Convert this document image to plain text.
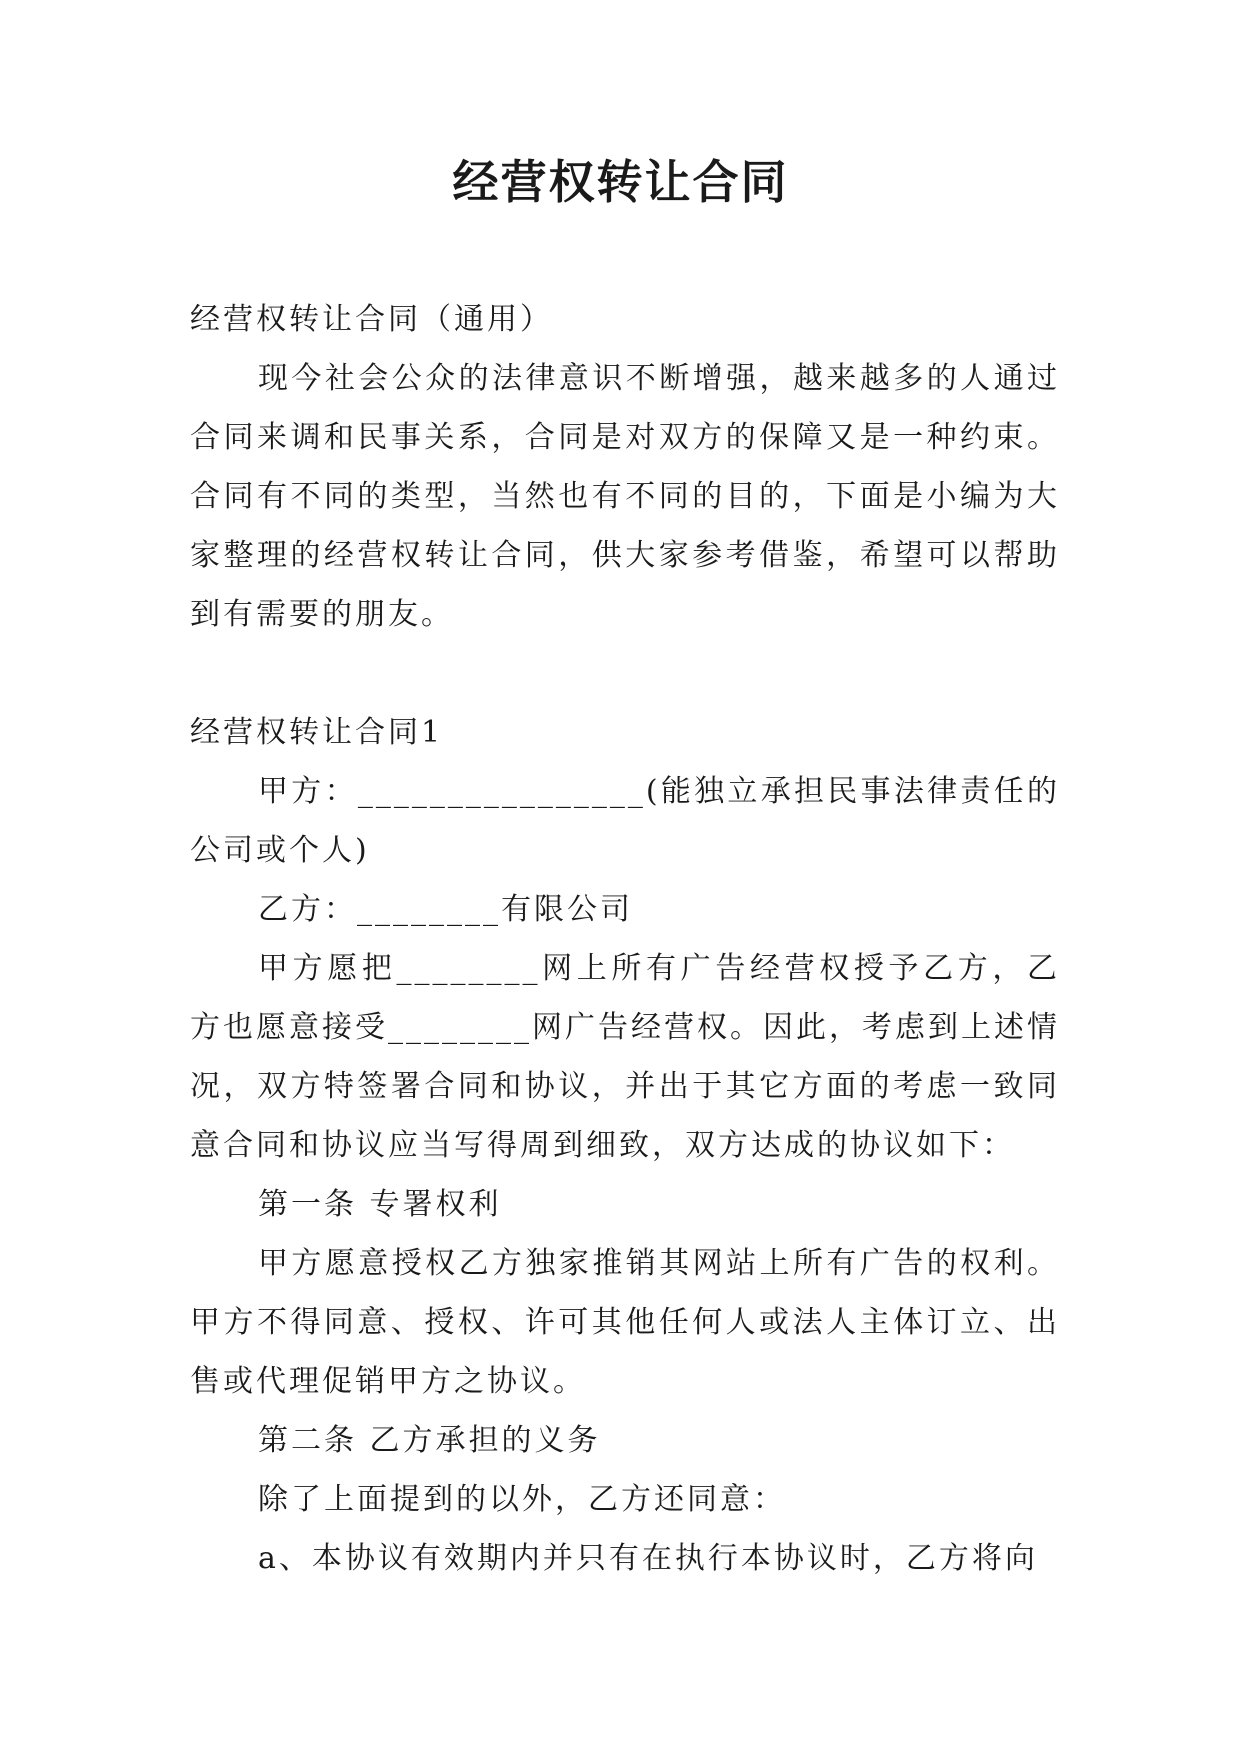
经营权转让合同

经营权转让合同（通用）

现今社会公众的法律意识不断增强，越来越多的人通过合同来调和民事关系，合同是对双方的保障又是一种约束。合同有不同的类型，当然也有不同的目的，下面是小编为大家整理的经营权转让合同，供大家参考借鉴，希望可以帮助到有需要的朋友。

经营权转让合同1

甲方：________________(能独立承担民事法律责任的公司或个人)

乙方：________有限公司

甲方愿把________网上所有广告经营权授予乙方，乙方也愿意接受________网广告经营权。因此，考虑到上述情况，双方特签署合同和协议，并出于其它方面的考虑一致同意合同和协议应当写得周到细致，双方达成的协议如下：

第一条 专署权利

甲方愿意授权乙方独家推销其网站上所有广告的权利。甲方不得同意、授权、许可其他任何人或法人主体订立、出售或代理促销甲方之协议。

第二条 乙方承担的义务

除了上面提到的以外，乙方还同意：

a、本协议有效期内并只有在执行本协议时，乙方将向
